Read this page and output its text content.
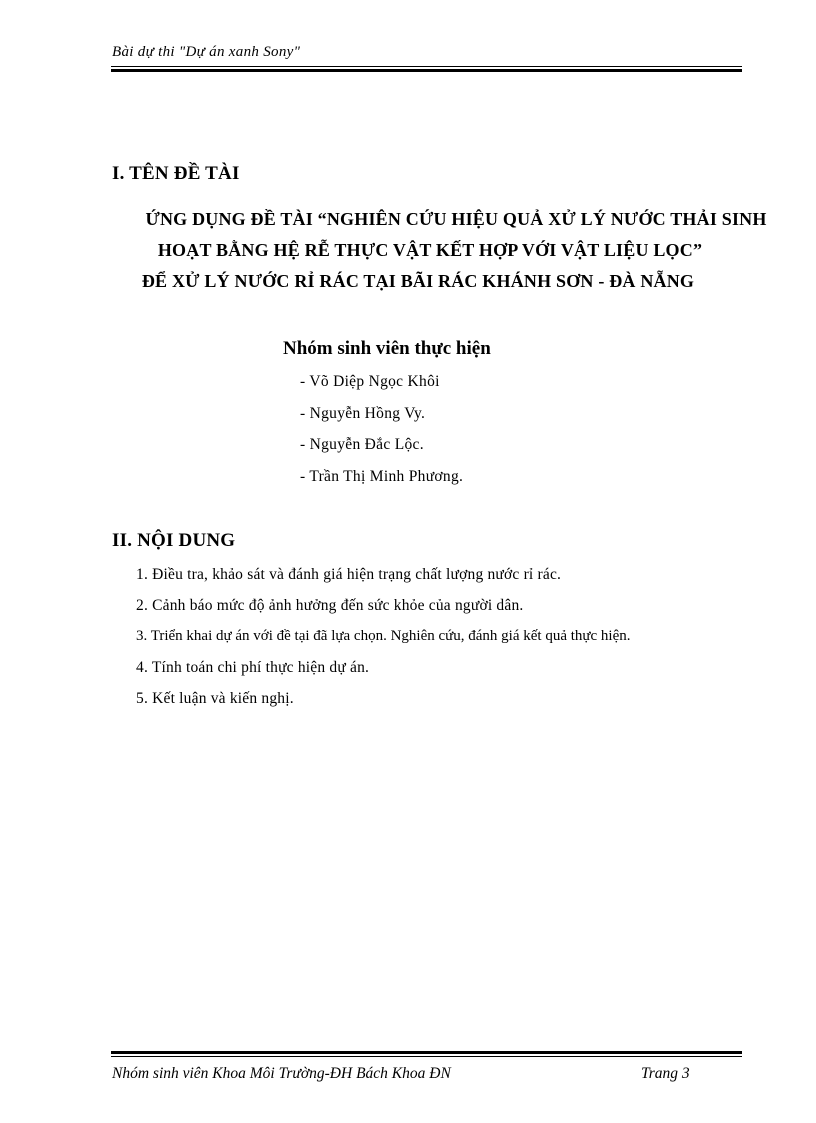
Bài dự thi "Dự án xanh Sony"
I. TÊN ĐỀ TÀI
ỨNG DỤNG ĐỀ TÀI “NGHIÊN CỨU HIỆU QUẢ XỬ LÝ NƯỚC THẢI SINH
HOẠT BẰNG HỆ RỄ THỰC VẬT KẾT HỢP VỚI VẬT LIỆU LỌC”
ĐỂ XỬ LÝ NƯỚC RỈ RÁC TẠI BÃI RÁC KHÁNH SƠN - ĐÀ NẴNG
Nhóm sinh viên thực hiện
- Võ Diệp Ngọc Khôi
- Nguyễn Hồng Vy.
- Nguyễn Đắc Lộc.
- Trần Thị Minh Phương.
II. NỘI DUNG
1. Điều tra, khảo sát và đánh giá hiện trạng chất lượng nước rỉ rác.
2. Cảnh báo mức độ ảnh hưởng đến sức khỏe của người dân.
3. Triển khai dự án với đề tại đã lựa chọn. Nghiên cứu, đánh giá kết quả thực hiện.
4. Tính toán chi phí thực hiện dự án.
5. Kết luận và kiến nghị.
Nhóm sinh viên Khoa Môi Trường-ĐH Bách Khoa ĐN	Trang 3
